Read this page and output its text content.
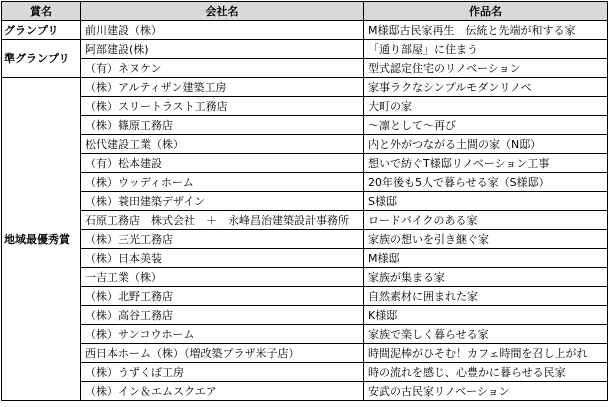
賞名	会社名	作品名
グランプリ	前川建設（株）	M様邸古民家再生　伝統と先端が和する家
準グランプリ	阿部建設(株)	「通り部屋」に住まう
	（有）ネヌケン	型式認定住宅のリノベーション
地域最優秀賞	（株）アルティザン建築工房	家事ラクなシンプルモダンリノベ
	（株）スリートラスト工務店	大町の家
	（株）篠原工務店	～凛として～再び
	松代建設工業（株）	内と外がつながる土間の家（N邸）
	（有）松本建設	想いで紡ぐT様邸リノベーション工事
	（株）ウッディホーム	20年後も5人で暮らせる家（S様邸）
	（株）蓑田建築デザイン	S様邸
	石原工務店　株式会社　＋　永峰昌治建築設計事務所	ロードバイクのある家
	（株）三光工務店	家族の想いを引き継ぐ家
	（株）日本美装	M様邸
	一吉工業（株）	家族が集まる家
	（株）北野工務店	自然素材に囲まれた家
	（株）高谷工務店	K様邸
	（株）サンコウホーム	家族で楽しく暮らせる家
	西日本ホーム（株）（増改築プラザ米子店）	時間泥棒がひそむ！カフェ時間を召し上がれ
	（株）うずくぼ工房	時の流れを感じ、心豊かに暮らせる民家
	（株）イン＆エムスクエア	安武の古民家リノベーション
